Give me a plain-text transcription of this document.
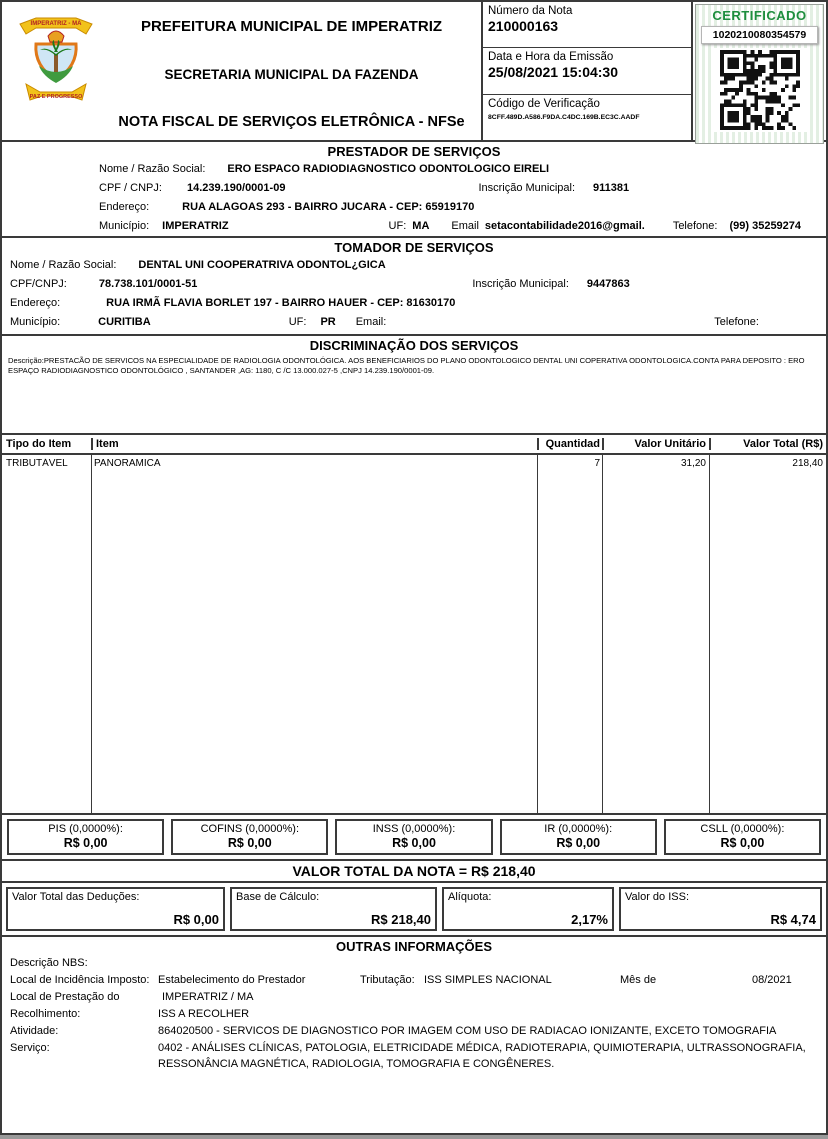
IMPERATRIZ - MA
PAZ E PROGRESSO
PREFEITURA MUNICIPAL DE IMPERATRIZ
SECRETARIA MUNICIPAL DA FAZENDA
NOTA FISCAL DE SERVIÇOS ELETRÔNICA - NFSe
Número da Nota
210000163
Data e Hora da Emissão
25/08/2021 15:04:30
Código de Verificação
8CFF.489D.A586.F9DA.C4DC.169B.EC3C.AADF
CERTIFICADO
1020210080354579
PRESTADOR DE SERVIÇOS
Nome / Razão Social: ERO ESPACO RADIODIAGNOSTICO ODONTOLOGICO EIRELI
CPF / CNPJ: 14.239.190/0001-09	Inscrição Municipal: 911381
Endereço:	RUA ALAGOAS 293 - BAIRRO JUCARA - CEP: 65919170
Município: IMPERATRIZ	UF: MA Email setacontabilidade2016@gmail.	Telefone: (99) 35259274
TOMADOR DE SERVIÇOS
Nome / Razão Social: DENTAL UNI COOPERATRIVA ODONTOL¿GICA
CPF/CNPJ:	78.738.101/0001-51	Inscrição Municipal: 9447863
Endereço:	RUA IRMÃ FLAVIA BORLET 197 - BAIRRO HAUER - CEP: 81630170
Município:	CURITIBA	UF: PR Email:	Telefone:
DISCRIMINAÇÃO DOS SERVIÇOS
Descrição:PRESTACÃO DE SERVICOS NA ESPECIALIDADE DE RADIOLOGIA ODONTOLÓGICA. AOS BENEFICIARIOS DO PLANO ODONTOLOGICO DENTAL UNI COPERATIVA ODONTOLOGICA.CONTA PARA DEPOSITO : ERO ESPAÇO RADIODIAGNOSTICO ODONTOLÓGICO , SANTANDER ,AG: 1180, C /C 13.000.027-5 ,CNPJ 14.239.190/0001-09.
Tipo do Item	Item	Quantidad	Valor Unitário	Valor Total (R$)
TRIBUTÁVEL	PANORAMICA	7	31,20	218,40
PIS (0,0000%):
R$ 0,00
COFINS (0,0000%):
R$ 0,00
INSS (0,0000%):
R$ 0,00
IR (0,0000%):
R$ 0,00
CSLL (0,0000%):
R$ 0,00
VALOR TOTAL DA NOTA = R$ 218,40
Valor Total das Deduções:
R$ 0,00
Base de Cálculo:
R$ 218,40
Alíquota:
2,17%
Valor do ISS:
R$ 4,74
OUTRAS INFORMAÇÕES
Descrição NBS:
Local de Incidência Imposto: Estabelecimento do Prestador	Tributação: ISS SIMPLES NACIONAL	Mês de	08/2021
Local de Prestação do	IMPERATRIZ / MA
Recolhimento:	ISS A RECOLHER
Atividade:	864020500 - SERVICOS DE DIAGNOSTICO POR IMAGEM COM USO DE RADIACAO IONIZANTE, EXCETO TOMOGRAFIA
Serviço:	0402 - ANÁLISES CLÍNICAS, PATOLOGIA, ELETRICIDADE MÉDICA, RADIOTERAPIA, QUIMIOTERAPIA, ULTRASSONOGRAFIA, RESSONÂNCIA MAGNÉTICA, RADIOLOGIA, TOMOGRAFIA E CONGÊNERES.
